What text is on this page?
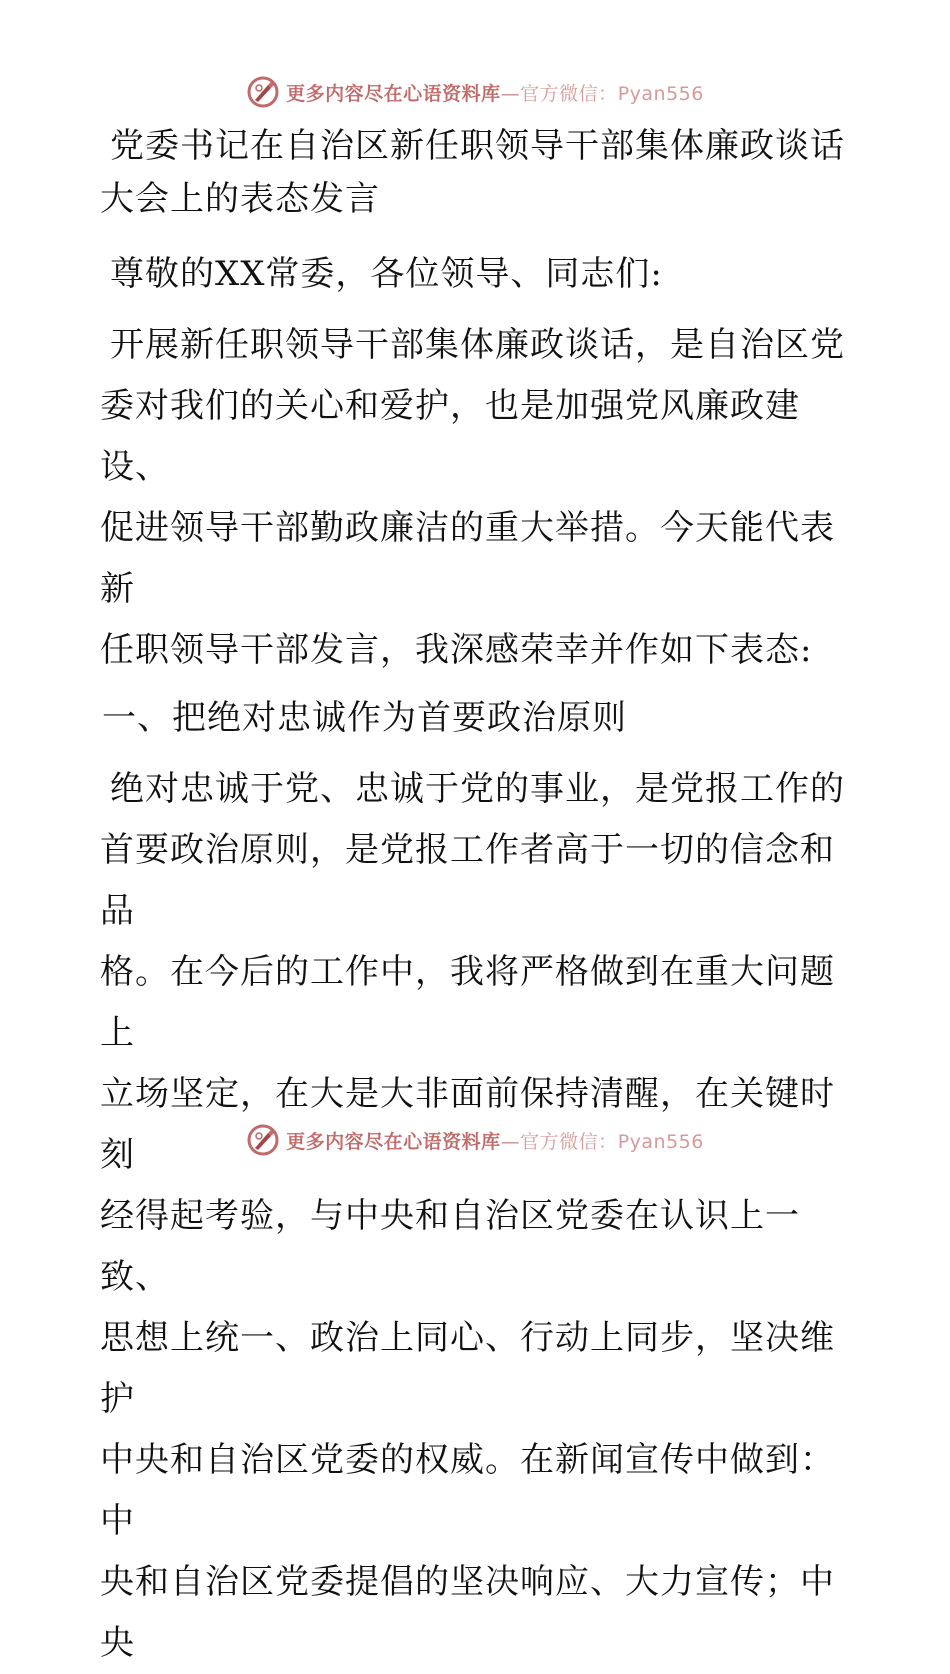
更多内容尽在心语资料库—官方微信：Pyan556
党委书记在自治区新任职领导干部集体廉政谈话
大会上的表态发言

尊敬的XX常委，各位领导、同志们:

开展新任职领导干部集体廉政谈话，是自治区党
委对我们的关心和爱护，也是加强党风廉政建设、
促进领导干部勤政廉洁的重大举措。今天能代表新
任职领导干部发言，我深感荣幸并作如下表态:
一、把绝对忠诚作为首要政治原则
绝对忠诚于党、忠诚于党的事业，是党报工作的
首要政治原则，是党报工作者高于一切的信念和品
格。在今后的工作中，我将严格做到在重大问题上
立场坚定，在大是大非面前保持清醒，在关键时刻
经得起考验，与中央和自治区党委在认识上一致、
思想上统一、政治上同心、行动上同步，坚决维护
中央和自治区党委的权威。在新闻宣传中做到：中
央和自治区党委提倡的坚决响应、大力宣传；中央
更多内容尽在心语资料库—官方微信：Pyan556
